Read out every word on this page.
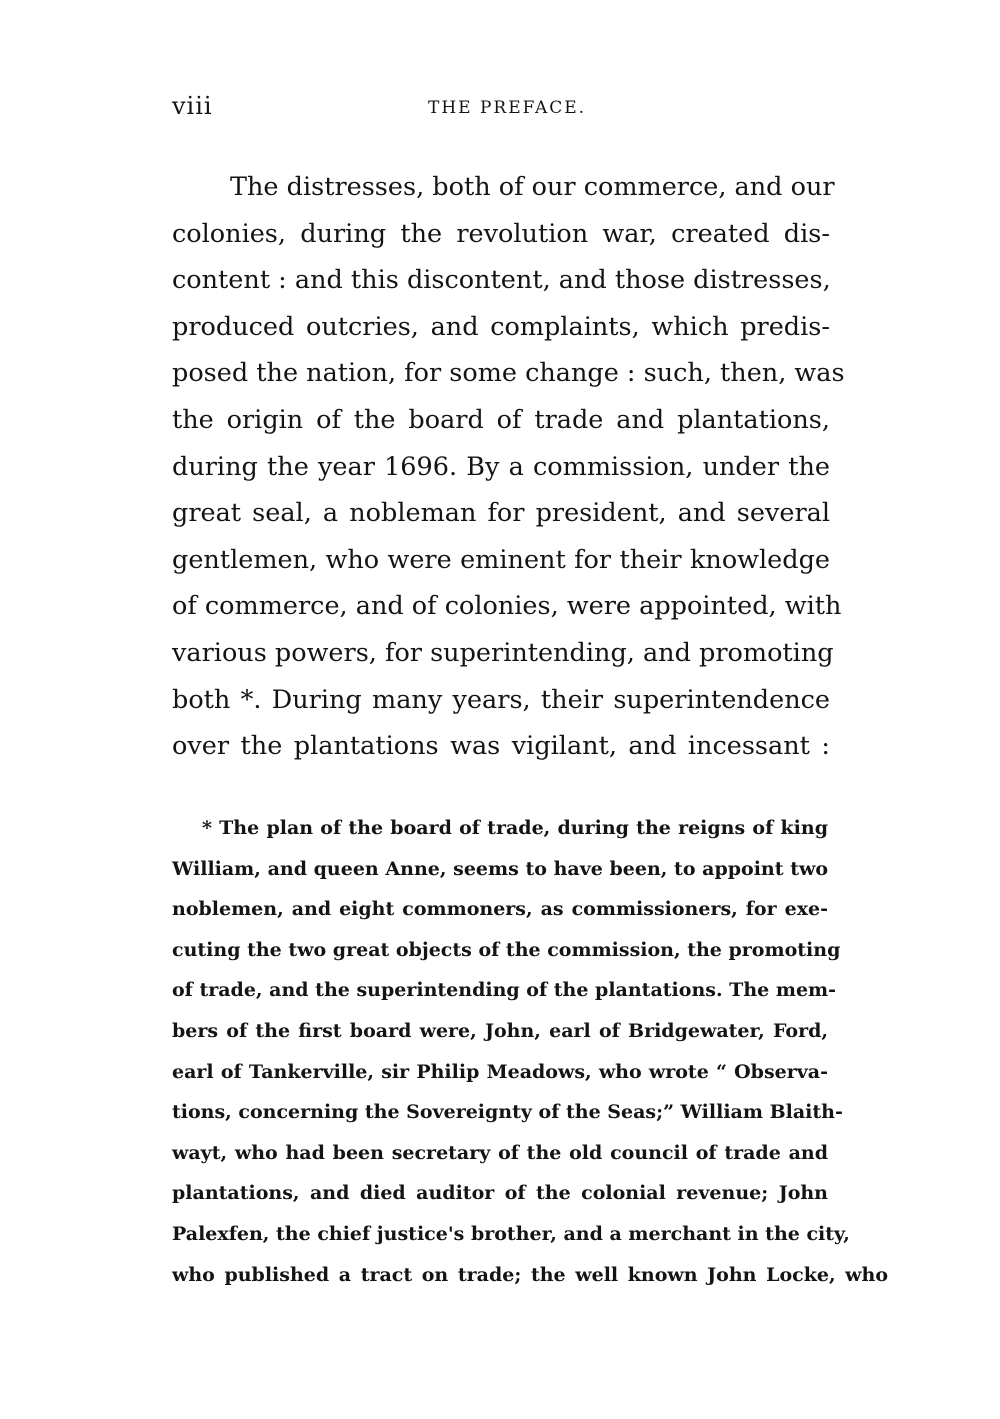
viii	THE PREFACE.
The distresses, both of our commerce, and our
colonies, during the revolution war, created dis-
content : and this discontent, and those distresses,
produced outcries, and complaints, which predis-
posed the nation, for some change : such, then, was
the origin of the board of trade and plantations,
during the year 1696. By a commission, under the
great seal, a nobleman for president, and several
gentlemen, who were eminent for their knowledge
of commerce, and of colonies, were appointed, with
various powers, for superintending, and promoting
both *. During many years, their superintendence
over the plantations was vigilant, and incessant :
* The plan of the board of trade, during the reigns of king
William, and queen Anne, seems to have been, to appoint two
noblemen, and eight commoners, as commissioners, for exe-
cuting the two great objects of the commission, the promoting
of trade, and the superintending of the plantations. The mem-
bers of the first board were, John, earl of Bridgewater, Ford,
earl of Tankerville, sir Philip Meadows, who wrote “ Observa-
tions, concerning the Sovereignty of the Seas;” William Blaith-
wayt, who had been secretary of the old council of trade and
plantations, and died auditor of the colonial revenue; John
Palexfen, the chief justice's brother, and a merchant in the city,
who published a tract on trade; the well known John Locke, who
